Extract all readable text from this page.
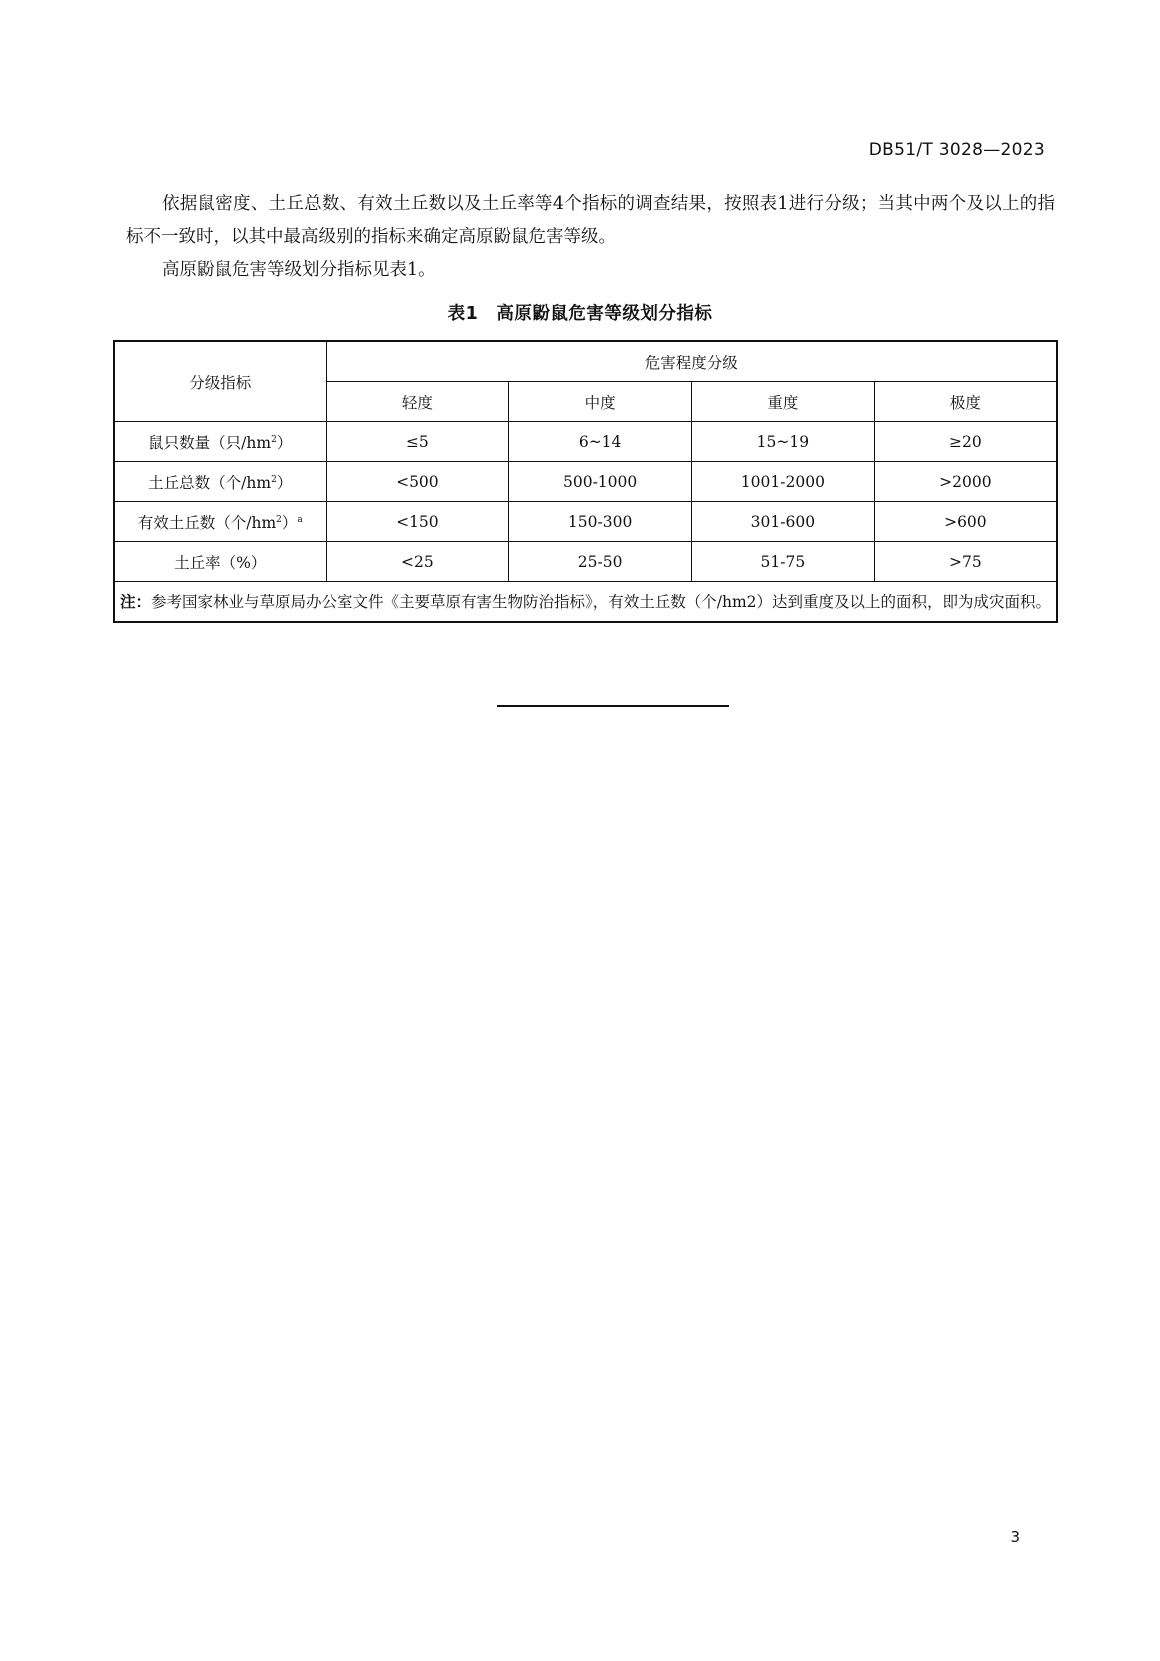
DB51/T 3028—2023

依据鼠密度、土丘总数、有效土丘数以及土丘率等4个指标的调查结果，按照表1进行分级；当其中两个及以上的指标不一致时，以其中最高级别的指标来确定高原鼢鼠危害等级。

高原鼢鼠危害等级划分指标见表1。

表1 高原鼢鼠危害等级划分指标
分级指标	危害程度分级			
	轻度	中度	重度	极度
鼠只数量（只$/hm^2$）	≤5	6~14	15~19	≥20
土丘总数（个$/hm^2$）	<500	500-1000	1001-2000	>2000
有效土丘数（个$/hm^2)^a$	<150	150-300	301-600	>600
土丘率（%）	<25	25-50	51-75	>75

注：参考国家林业与草原局办公室文件《主要草原有害生物防治指标》，有效土丘数（个/hm2）达到重度及以上的面积，即为成灾面积。				
3
